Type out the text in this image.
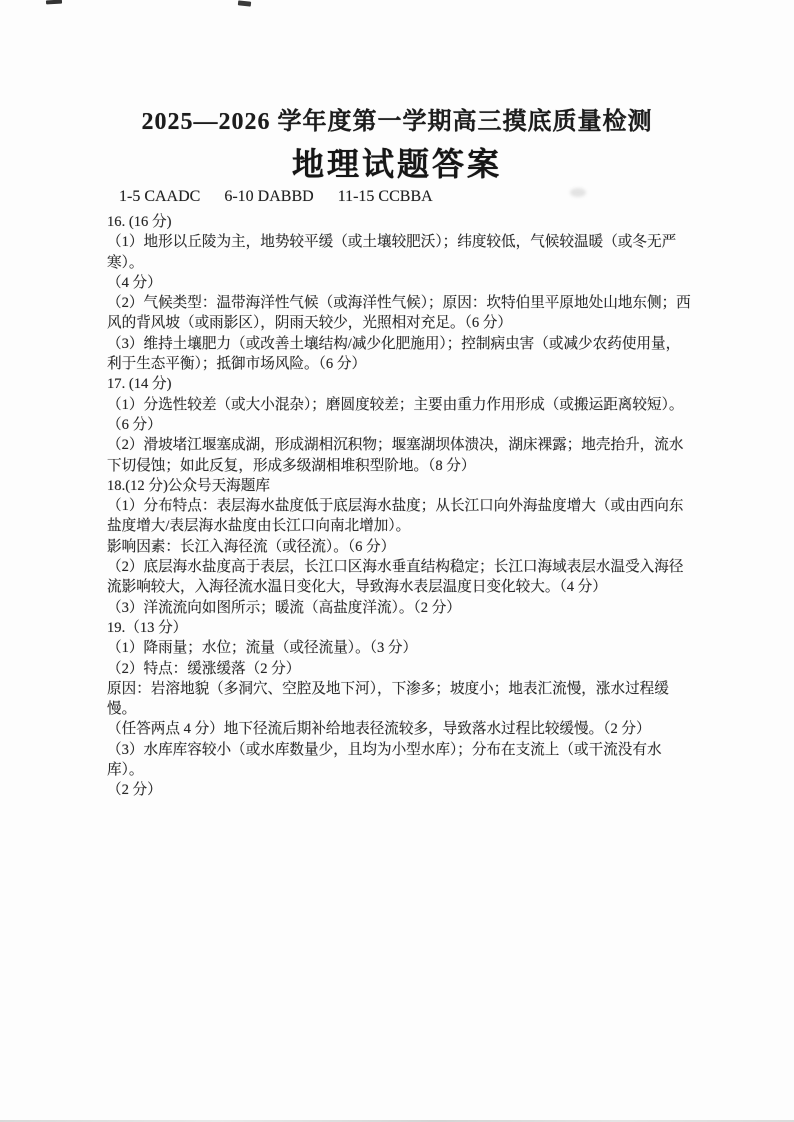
2025—2026 学年度第一学期高三摸底质量检测
地理试题答案
1-5 CAADC 6-10 DABBD 11-15 CCBBA
16. (16 分)
（1）地形以丘陵为主，地势较平缓（或土壤较肥沃）；纬度较低，气候较温暖（或冬无严寒）。
（4 分）
（2）气候类型：温带海洋性气候（或海洋性气候）；原因：坎特伯里平原地处山地东侧；西
风的背风坡（或雨影区），阴雨天较少，光照相对充足。（6 分）
（3）维持土壤肥力（或改善土壤结构/减少化肥施用）；控制病虫害（或减少农药使用量，
利于生态平衡）；抵御市场风险。（6 分）
17. (14 分)
（1）分选性较差（或大小混杂）；磨圆度较差；主要由重力作用形成（或搬运距离较短）。
（6 分）
（2）滑坡堵江堰塞成湖，形成湖相沉积物；堰塞湖坝体溃决，湖床裸露；地壳抬升，流水
下切侵蚀；如此反复，形成多级湖相堆积型阶地。（8 分）
18.(12 分)公众号天海题库
（1）分布特点：表层海水盐度低于底层海水盐度；从长江口向外海盐度增大（或由西向东
盐度增大/表层海水盐度由长江口向南北增加）。
影响因素：长江入海径流（或径流）。（6 分）
（2）底层海水盐度高于表层，长江口区海水垂直结构稳定；长江口海域表层水温受入海径
流影响较大，入海径流水温日变化大，导致海水表层温度日变化较大。（4 分）
（3）洋流流向如图所示；暖流（高盐度洋流）。（2 分）
19.（13 分）
（1）降雨量；水位；流量（或径流量）。（3 分）
（2）特点：缓涨缓落（2 分）
原因：岩溶地貌（多洞穴、空腔及地下河），下渗多；坡度小；地表汇流慢，涨水过程缓慢。
（任答两点 4 分）地下径流后期补给地表径流较多，导致落水过程比较缓慢。（2 分）
（3）水库库容较小（或水库数量少，且均为小型水库）；分布在支流上（或干流没有水库）。
（2 分）
